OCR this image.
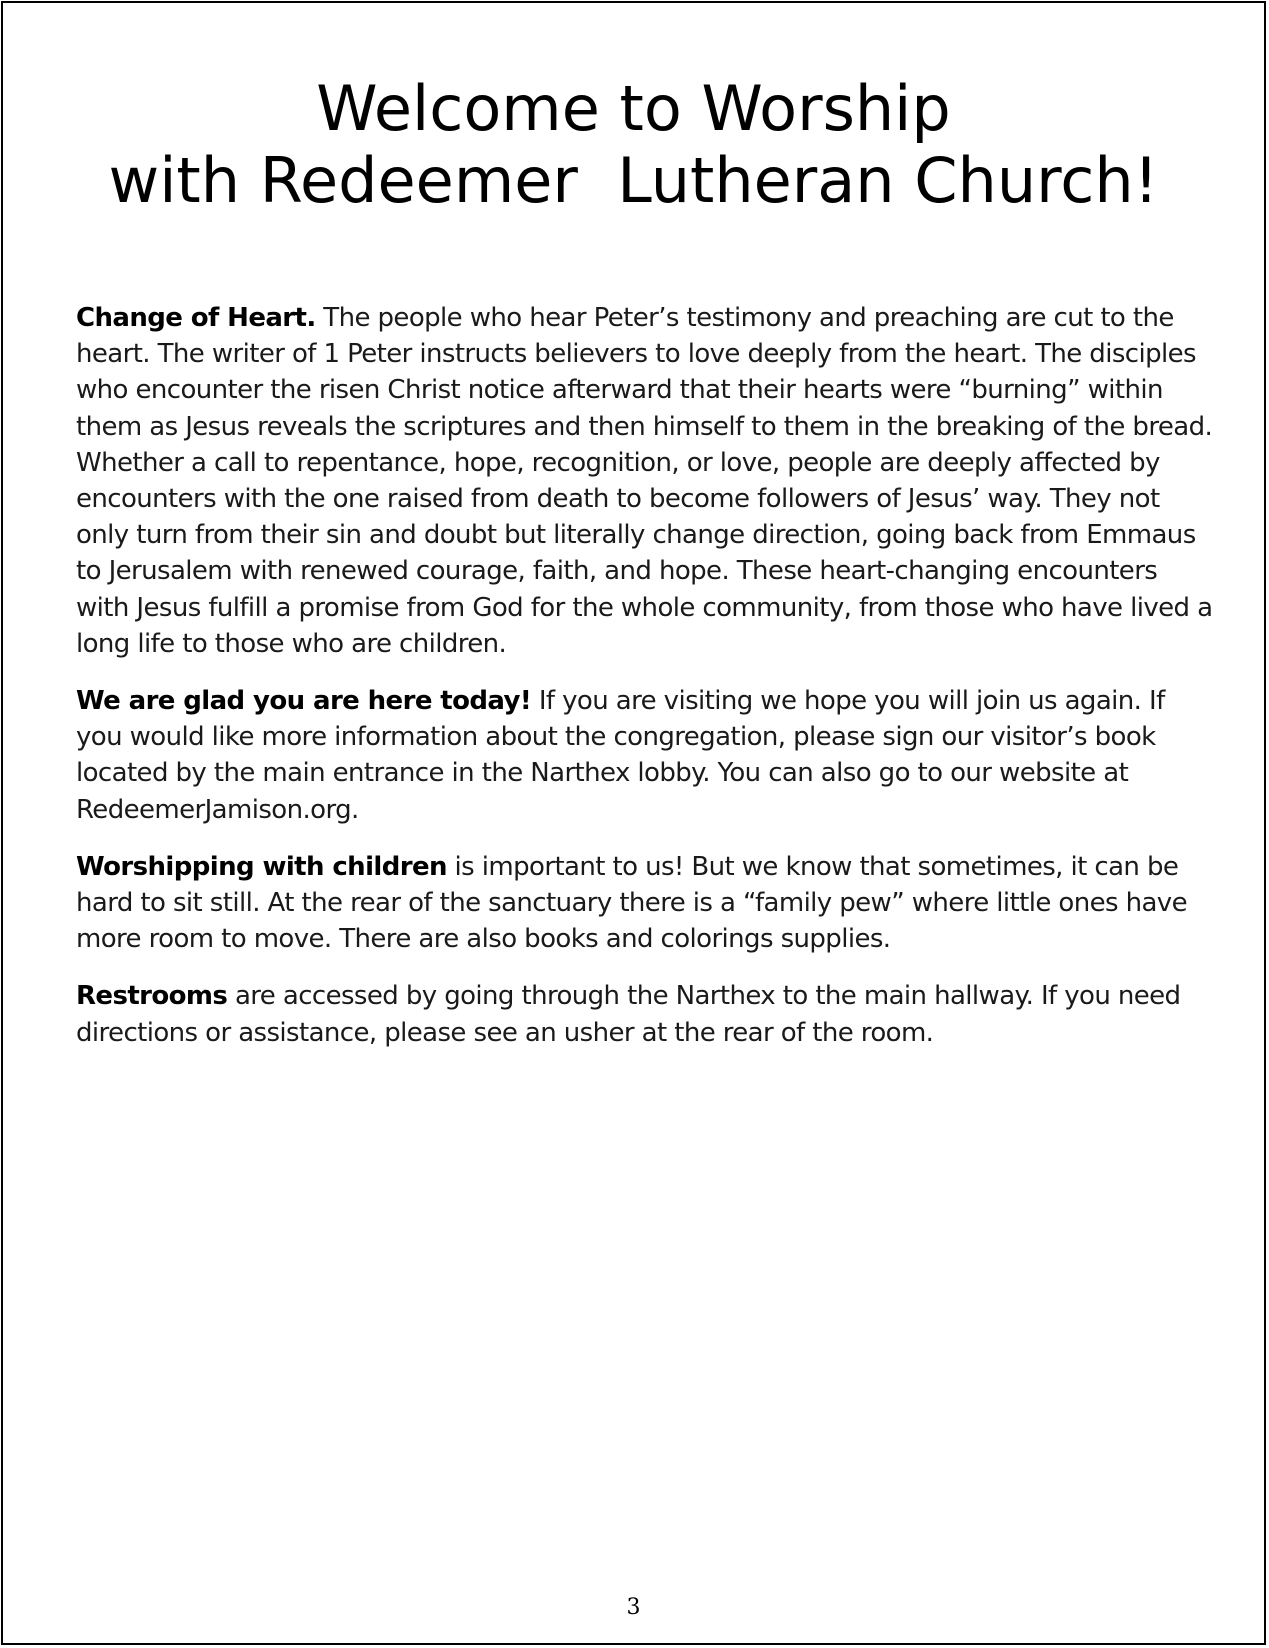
Welcome to Worship
with Redeemer  Lutheran Church!

Change of Heart. The people who hear Peter’s testimony and preaching are cut to the heart. The writer of 1 Peter instructs believers to love deeply from the heart. The disciples who encounter the risen Christ notice afterward that their hearts were “burning” within them as Jesus reveals the scriptures and then himself to them in the breaking of the bread. Whether a call to repentance, hope, recognition, or love, people are deeply affected by encounters with the one raised from death to become followers of Jesus’ way. They not only turn from their sin and doubt but literally change direction, going back from Emmaus to Jerusalem with renewed courage, faith, and hope. These heart-changing encounters with Jesus fulfill a promise from God for the whole community, from those who have lived a long life to those who are children.

We are glad you are here today! If you are visiting we hope you will join us again. If you would like more information about the congregation, please sign our visitor’s book located by the main entrance in the Narthex lobby. You can also go to our website at RedeemerJamison.org.

Worshipping with children is important to us! But we know that sometimes, it can be hard to sit still. At the rear of the sanctuary there is a “family pew” where little ones have more room to move. There are also books and colorings supplies.

Restrooms are accessed by going through the Narthex to the main hallway. If you need directions or assistance, please see an usher at the rear of the room.

3
